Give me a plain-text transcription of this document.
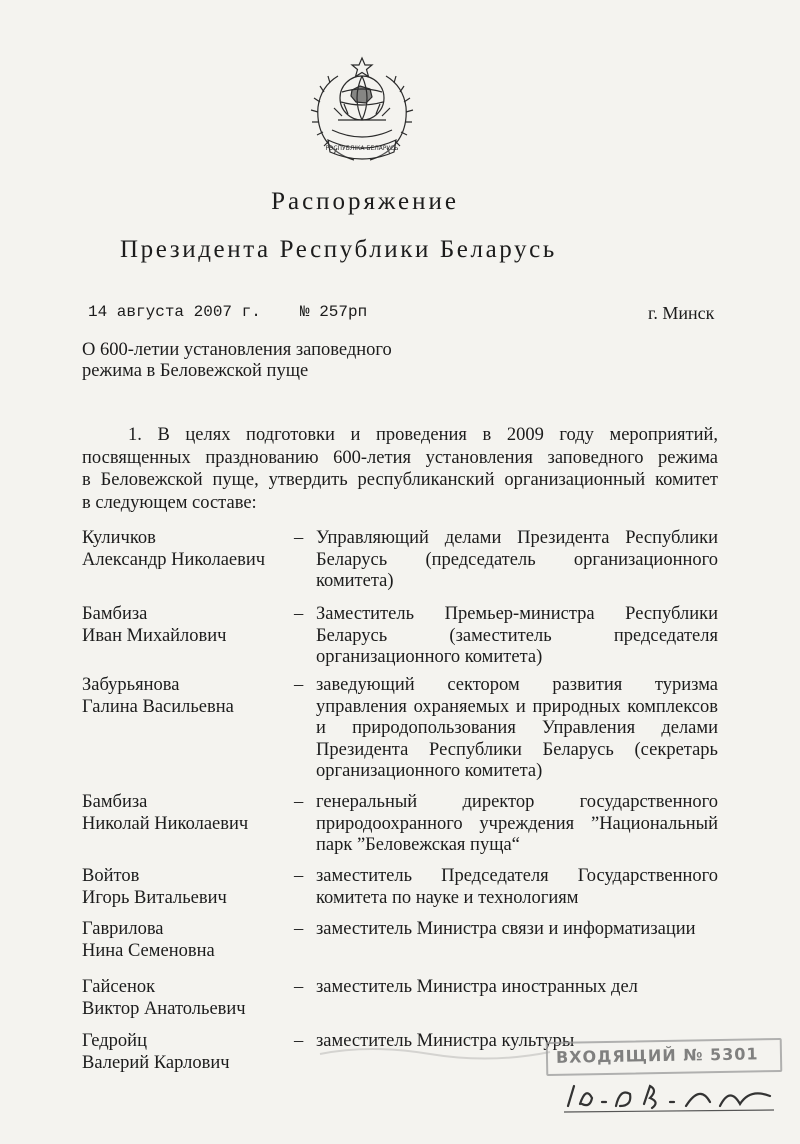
РЭСПУБЛІКА БЕЛАРУСЬ
Распоряжение
Президента Республики Беларусь
14 августа 2007 г. № 257рп	г. Минск
О 600-летии установления заповедного
режима в Беловежской пуще
1. В целях подготовки и проведения в 2009 году мероприятий,
посвященных празднованию 600-летия установления заповедного режима
в Беловежской пуще, утвердить республиканский организационный комитет
в следующем составе:
Куличков
Александр Николаевич
– Управляющий делами Президента Республики
Беларусь (председатель организационного
комитета)
Бамбиза
Иван Михайлович
– Заместитель Премьер-министра Республики
Беларусь (заместитель председателя
организационного комитета)
Забурьянова
Галина Васильевна
– заведующий сектором развития туризма
управления охраняемых и природных комплексов
и природопользования Управления делами
Президента Республики Беларусь (секретарь
организационного комитета)
Бамбиза
Николай Николаевич
– генеральный директор государственного
природоохранного учреждения ”Национальный
парк ”Беловежская пуща“
Войтов
Игорь Витальевич
– заместитель Председателя Государственного
комитета по науке и технологиям
Гаврилова
Нина Семеновна
– заместитель Министра связи и информатизации
Гайсенок
Виктор Анатольевич
– заместитель Министра иностранных дел
Гедройц
Валерий Карлович
– заместитель Министра культуры
ВХОДЯЩИЙ № 5301
